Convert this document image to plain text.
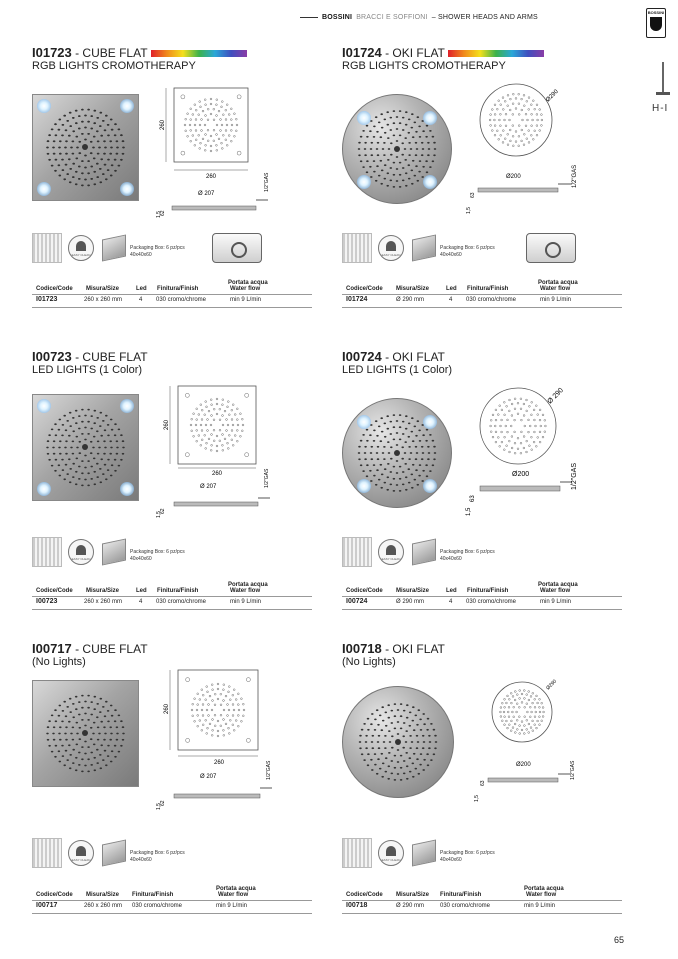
BOSSINI BRACCI E SOFFIONI – SHOWER HEADS AND ARMS
BOSSINI
H-I
I01723 - CUBE FLAT
RGB LIGHTS CROMOTHERAPY
260
260
Ø 207
1/2"GAS
62
1,5
EASY CLEAN
Packaging Box: 6 pz/pcs
40x40x60
Codice/Code Misura/Size	Led Finitura/Finish
Portata acqua
Water flow
I01723	260 x 260 mm	4 030 cromo/chrome	min 9 L/min
I01724 - OKI FLAT
RGB LIGHTS CROMOTHERAPY
Ø290
Ø200	1/2"GAS
63
1,5
EASY CLEAN
Packaging Box: 6 pz/pcs
40x40x60
Codice/Code Misura/Size	Led Finitura/Finish
Portata acqua
Water flow
I01724	Ø 290 mm	4 030 cromo/chrome	min 9 L/min
I00723 - CUBE FLAT
LED LIGHTS (1 Color)
260
260
Ø 207	1/2"GAS
62
1,5
EASY CLEAN
Packaging Box: 6 pz/pcs
40x40x60
Codice/Code Misura/Size	Led Finitura/Finish
Portata acqua
Water flow
I00723	260 x 260 mm	4 030 cromo/chrome	min 9 L/min
I00724 - OKI FLAT
LED LIGHTS (1 Color)
Ø 290
Ø200	1/2"GAS
63
1,5
EASY CLEAN
Packaging Box: 6 pz/pcs
40x40x60
Codice/Code Misura/Size	Led Finitura/Finish
Portata acqua
Water flow
I00724	Ø 290 mm	4 030 cromo/chrome	min 9 L/min
I00717 - CUBE FLAT
(No Lights)
260
260
Ø 207	1/2"GAS
62
1,5
EASY CLEAN
Packaging Box: 6 pz/pcs
40x40x60
Codice/Code Misura/Size Finitura/Finish
Portata acqua
Water flow
I00717	260 x 260 mm 030 cromo/chrome	min 9 L/min
I00718 - OKI FLAT
(No Lights)
Ø290
Ø200	1/2"GAS
63
1,5
EASY CLEAN
Packaging Box: 6 pz/pcs
40x40x60
Codice/Code Misura/Size Finitura/Finish
Portata acqua
Water flow
I00718	Ø 290 mm	030 cromo/chrome	min 9 L/min
65
